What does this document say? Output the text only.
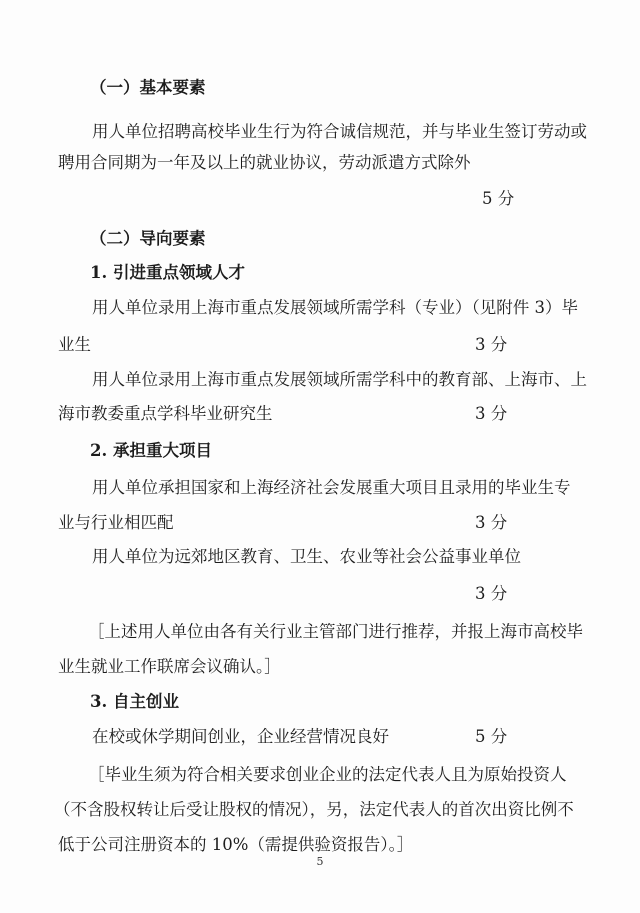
（一）基本要素
用人单位招聘高校毕业生行为符合诚信规范，并与毕业生签订劳动或
聘用合同期为一年及以上的就业协议，劳动派遣方式除外
5 分
（二）导向要素
1. 引进重点领域人才
用人单位录用上海市重点发展领域所需学科（专业）（见附件 3）毕
业生	3 分
用人单位录用上海市重点发展领域所需学科中的教育部、上海市、上
海市教委重点学科毕业研究生	3 分
2. 承担重大项目
用人单位承担国家和上海经济社会发展重大项目且录用的毕业生专
业与行业相匹配	3 分
用人单位为远郊地区教育、卫生、农业等社会公益事业单位
3 分
［上述用人单位由各有关行业主管部门进行推荐，并报上海市高校毕
业生就业工作联席会议确认。］
3. 自主创业
在校或休学期间创业，企业经营情况良好	5 分
［毕业生须为符合相关要求创业企业的法定代表人且为原始投资人
（不含股权转让后受让股权的情况），另，法定代表人的首次出资比例不
低于公司注册资本的 10%（需提供验资报告）。］
5
